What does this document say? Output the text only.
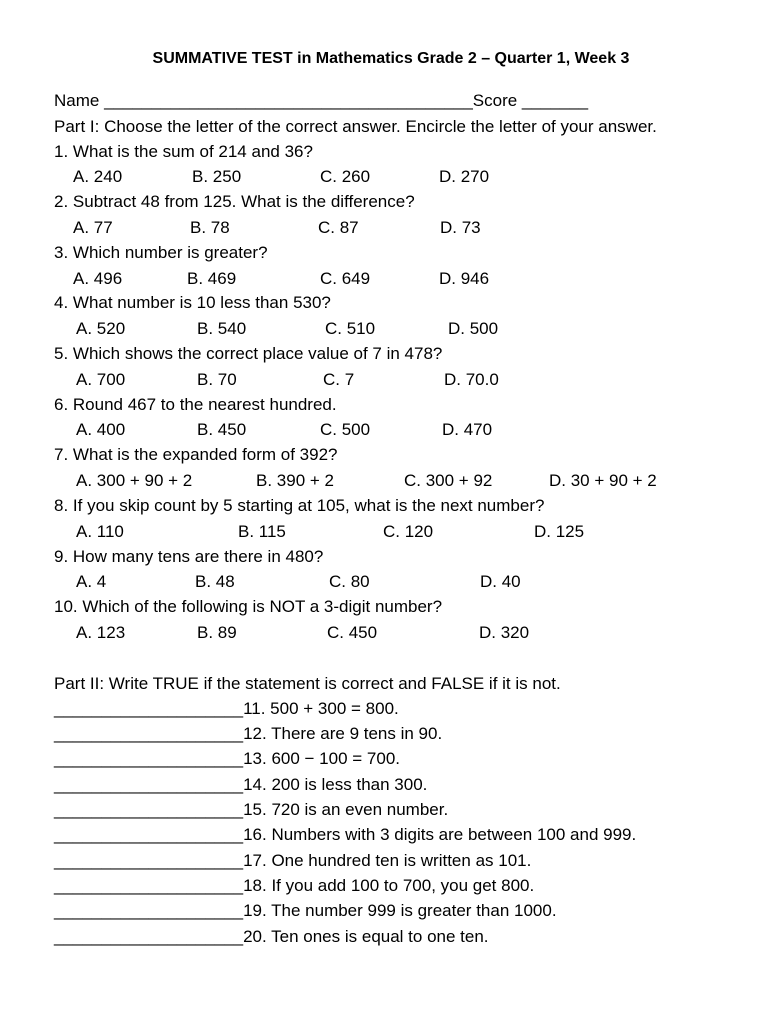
SUMMATIVE TEST in Mathematics Grade 2 – Quarter 1, Week 3
Name _______________________________________Score _______
Part I: Choose the letter of the correct answer. Encircle the letter of your answer.
1. What is the sum of 214 and 36?
A. 240	B. 250	C. 260	D. 270
2. Subtract 48 from 125. What is the difference?
A. 77	B. 78	C. 87	D. 73
3. Which number is greater?
A. 496	B. 469	C. 649	D. 946
4. What number is 10 less than 530?
A. 520	B. 540	C. 510	D. 500
5. Which shows the correct place value of 7 in 478?
A. 700	B. 70	C. 7	D. 70.0
6. Round 467 to the nearest hundred.
A. 400	B. 450	C. 500	D. 470
7. What is the expanded form of 392?
A. 300 + 90 + 2	B. 390 + 2	C. 300 + 92	D. 30 + 90 + 2
8. If you skip count by 5 starting at 105, what is the next number?
A. 110	B. 115	C. 120	D. 125
9. How many tens are there in 480?
A. 4	B. 48	C. 80	D. 40
10. Which of the following is NOT a 3-digit number?
A. 123	B. 89	C. 450	D. 320
Part II: Write TRUE if the statement is correct and FALSE if it is not.
____________________11. 500 + 300 = 800.
____________________12. There are 9 tens in 90.
____________________13. 600 − 100 = 700.
____________________14. 200 is less than 300.
____________________15. 720 is an even number.
____________________16. Numbers with 3 digits are between 100 and 999.
____________________17. One hundred ten is written as 101.
____________________18. If you add 100 to 700, you get 800.
____________________19. The number 999 is greater than 1000.
____________________20. Ten ones is equal to one ten.
